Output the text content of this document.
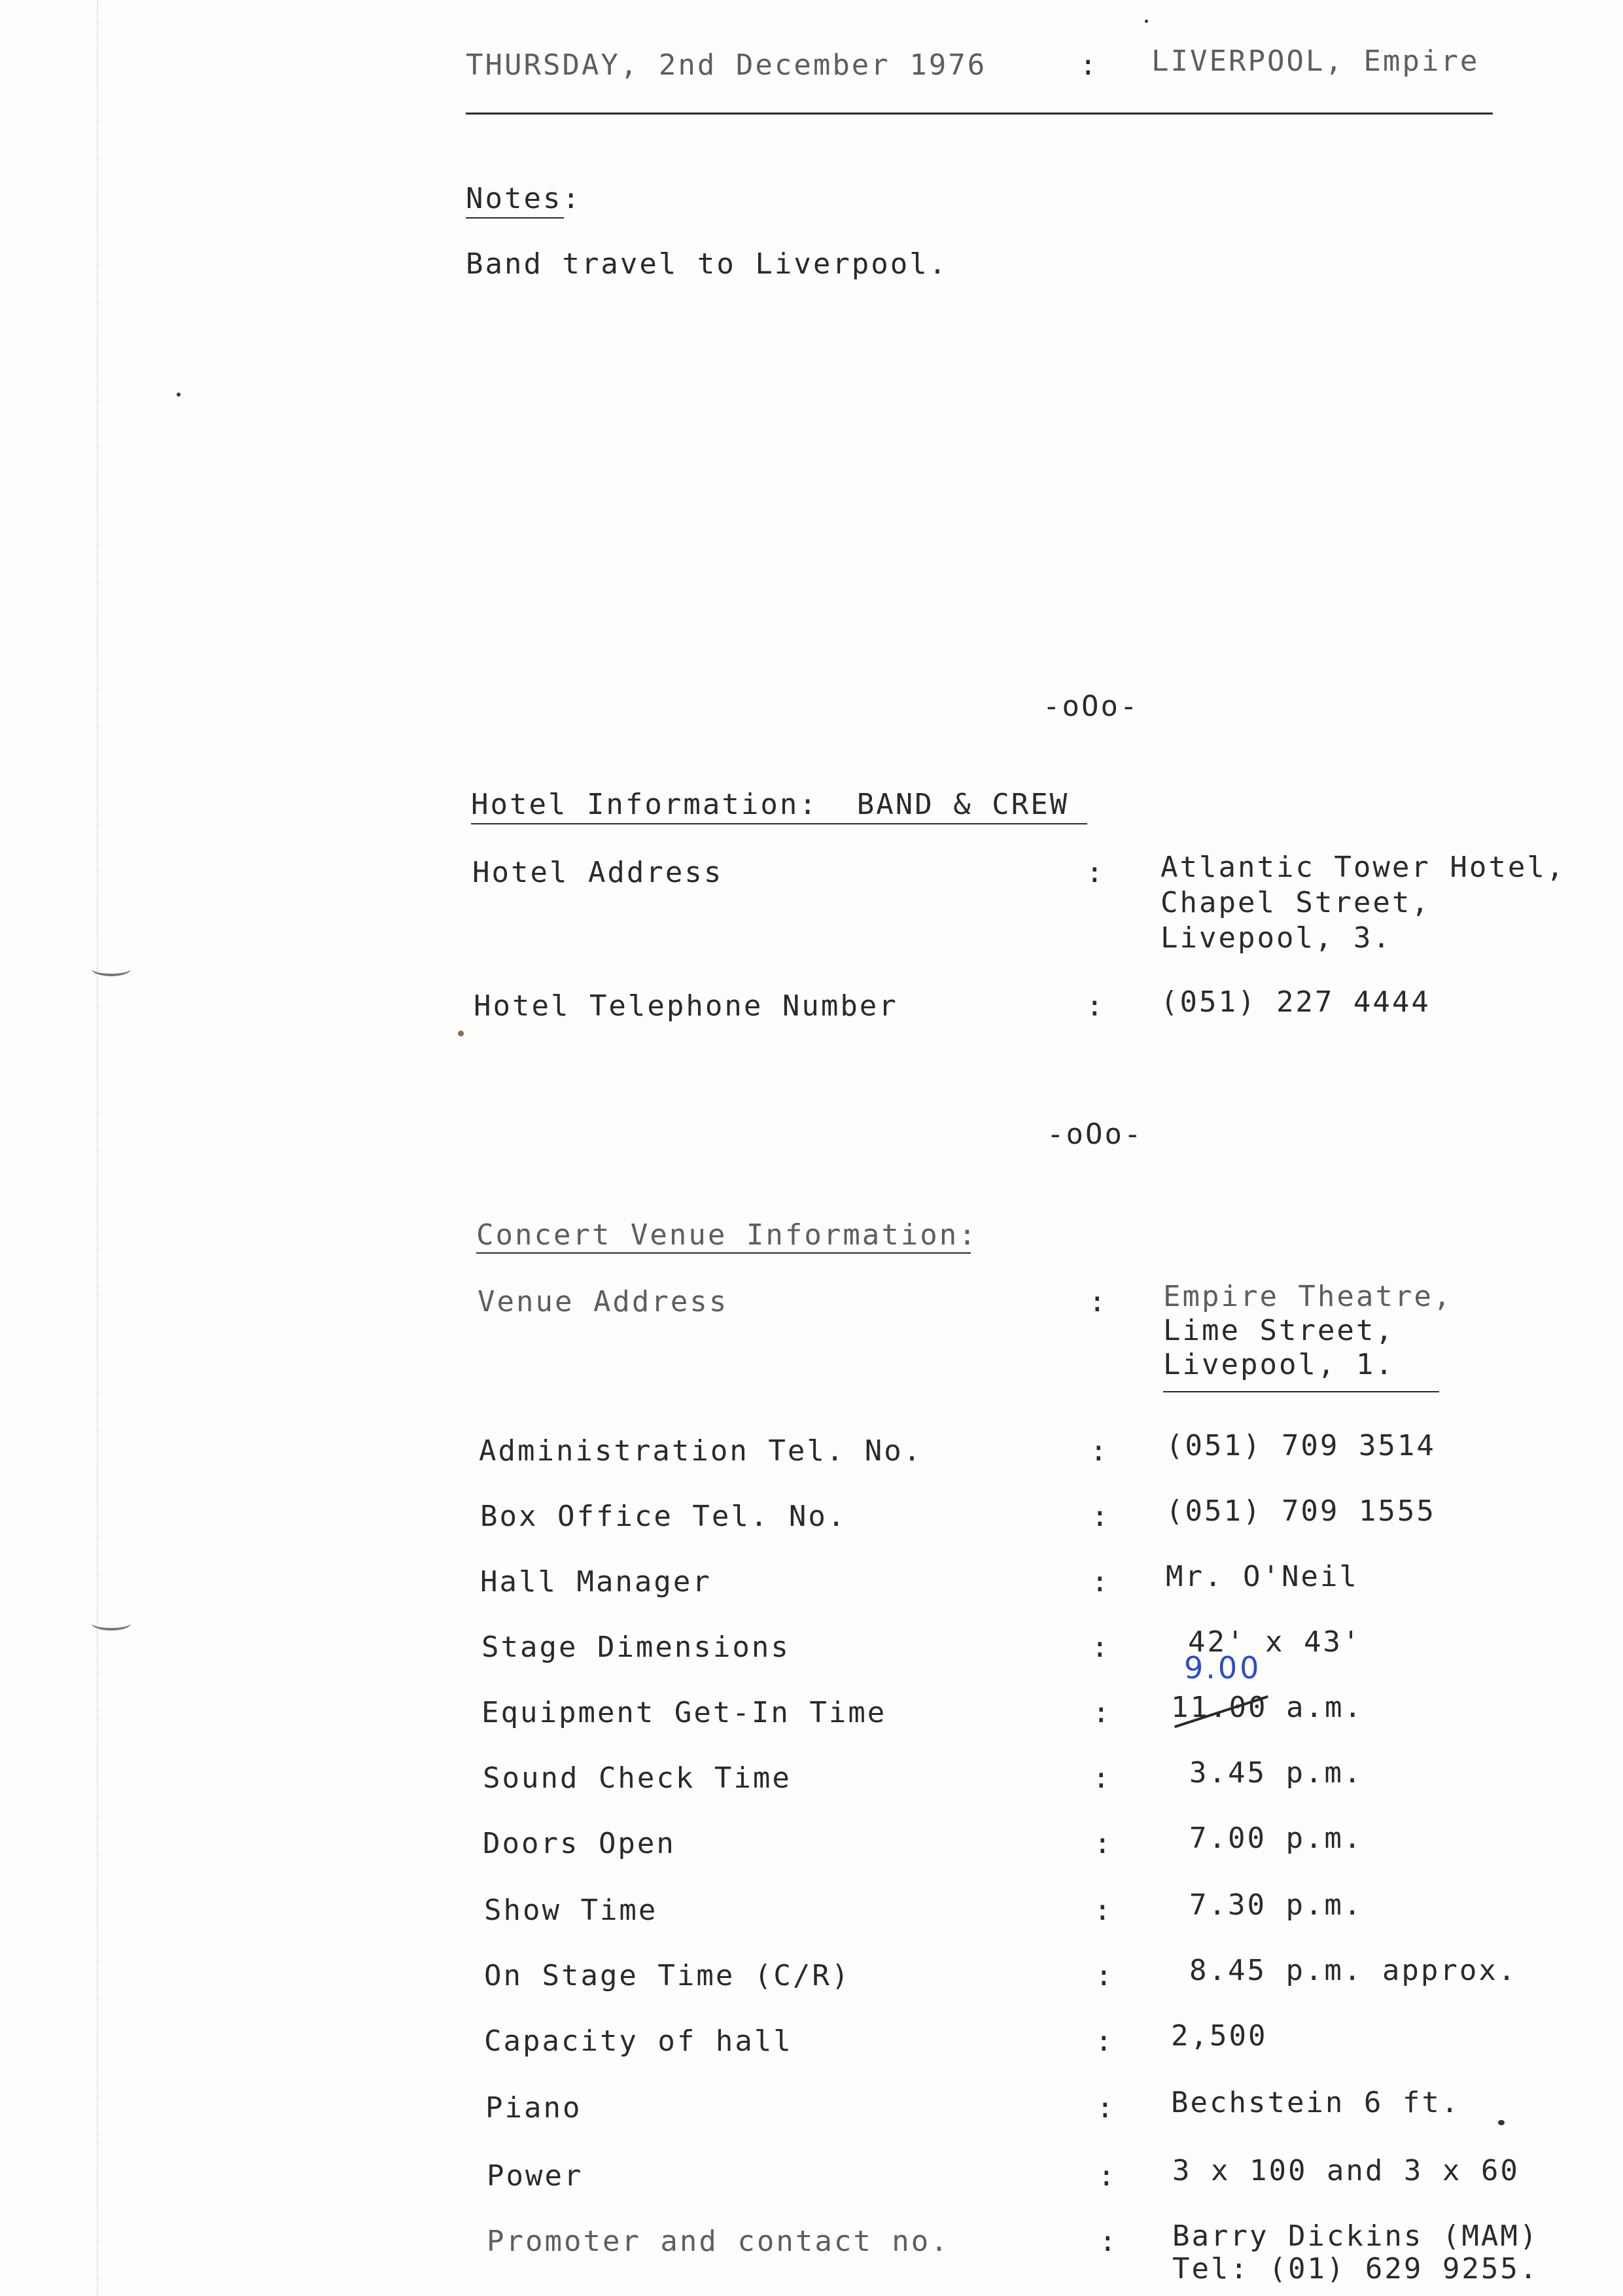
THURSDAY, 2nd December 1976	: LIVERPOOL, Empire
Notes:
Band travel to Liverpool.
-oOo-
Hotel Information:  BAND & CREW
Hotel Address	: Atlantic Tower Hotel,
Chapel Street,
Livepool, 3.
Hotel Telephone Number	: (051) 227 4444
-oOo-
Concert Venue Information:
Venue Address	: Empire Theatre,
Lime Street,
Livepool, 1.
Administration Tel. No.	: (051) 709 3514
Box Office Tel. No.	: (051) 709 1555
Hall Manager	: Mr. O'Neil
Stage Dimensions	:	42' x 43'
Equipment Get-In Time	: 11.00 a.m.
9.00
Sound Check Time	:	3.45 p.m.
Doors Open	:	7.00 p.m.
Show Time	:	7.30 p.m.
On Stage Time (C/R)	:	8.45 p.m. approx.
Capacity of hall	: 2,500
Piano	: Bechstein 6 ft.
Power	: 3 x 100 and 3 x 60
Promoter and contact no.	: Barry Dickins (MAM)
Tel: (01) 629 9255.
